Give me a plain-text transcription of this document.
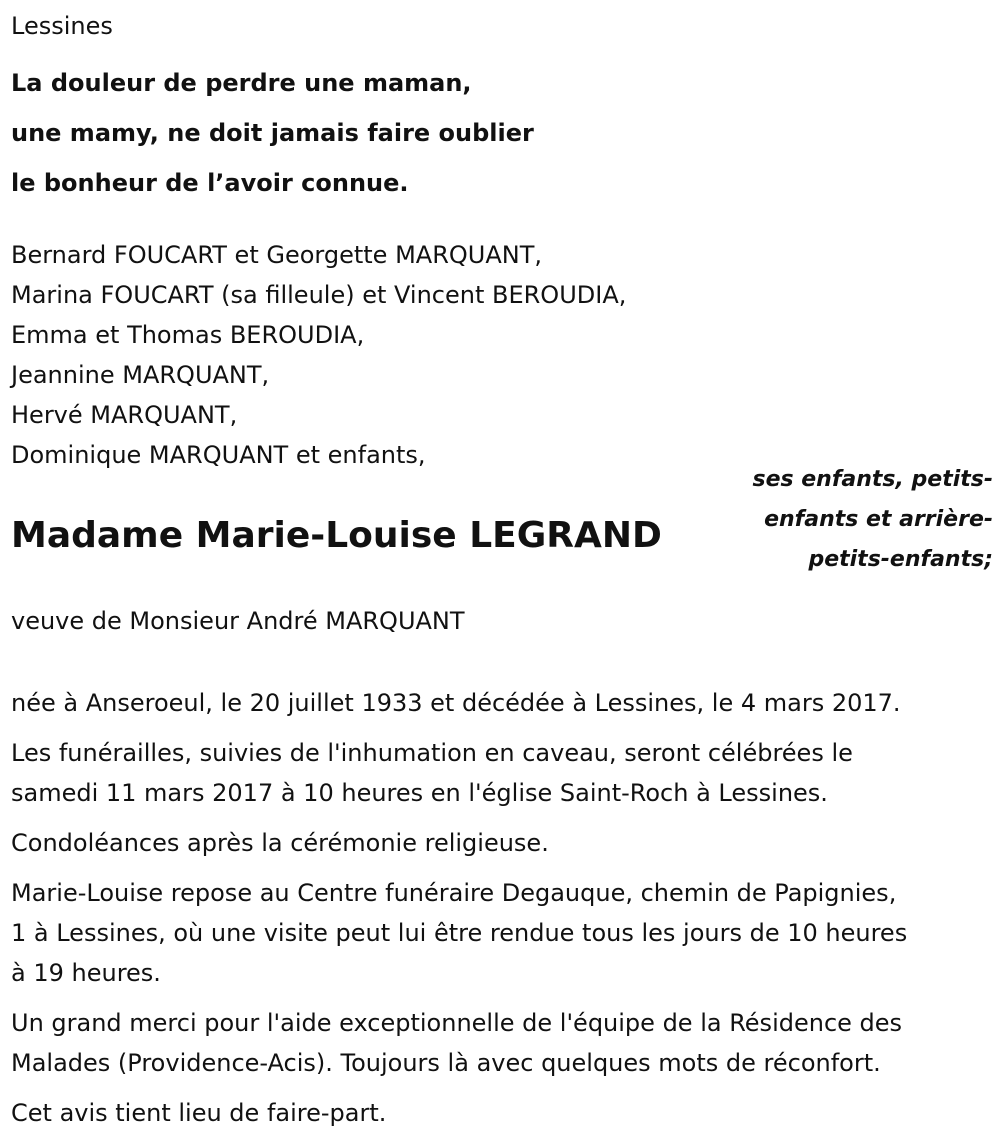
Lessines
La douleur de perdre une maman,
une mamy, ne doit jamais faire oublier
le bonheur de l’avoir connue.
Bernard FOUCART et Georgette MARQUANT,
Marina FOUCART (sa filleule) et Vincent BEROUDIA,
Emma et Thomas BEROUDIA,
Jeannine MARQUANT,
Hervé MARQUANT,
Dominique MARQUANT et enfants,
ses enfants, petits-
enfants et arrière-
petits-enfants;
Madame Marie-Louise LEGRAND
veuve de Monsieur André MARQUANT

née à Anseroeul, le 20 juillet 1933 et décédée à Lessines, le 4 mars 2017.

Les funérailles, suivies de l'inhumation en caveau, seront célébrées le
samedi 11 mars 2017 à 10 heures en l'église Saint-Roch à Lessines.

Condoléances après la cérémonie religieuse.

Marie-Louise repose au Centre funéraire Degauque, chemin de Papignies,
1 à Lessines, où une visite peut lui être rendue tous les jours de 10 heures
à 19 heures.

Un grand merci pour l'aide exceptionnelle de l'équipe de la Résidence des
Malades (Providence-Acis). Toujours là avec quelques mots de réconfort.

Cet avis tient lieu de faire-part.
